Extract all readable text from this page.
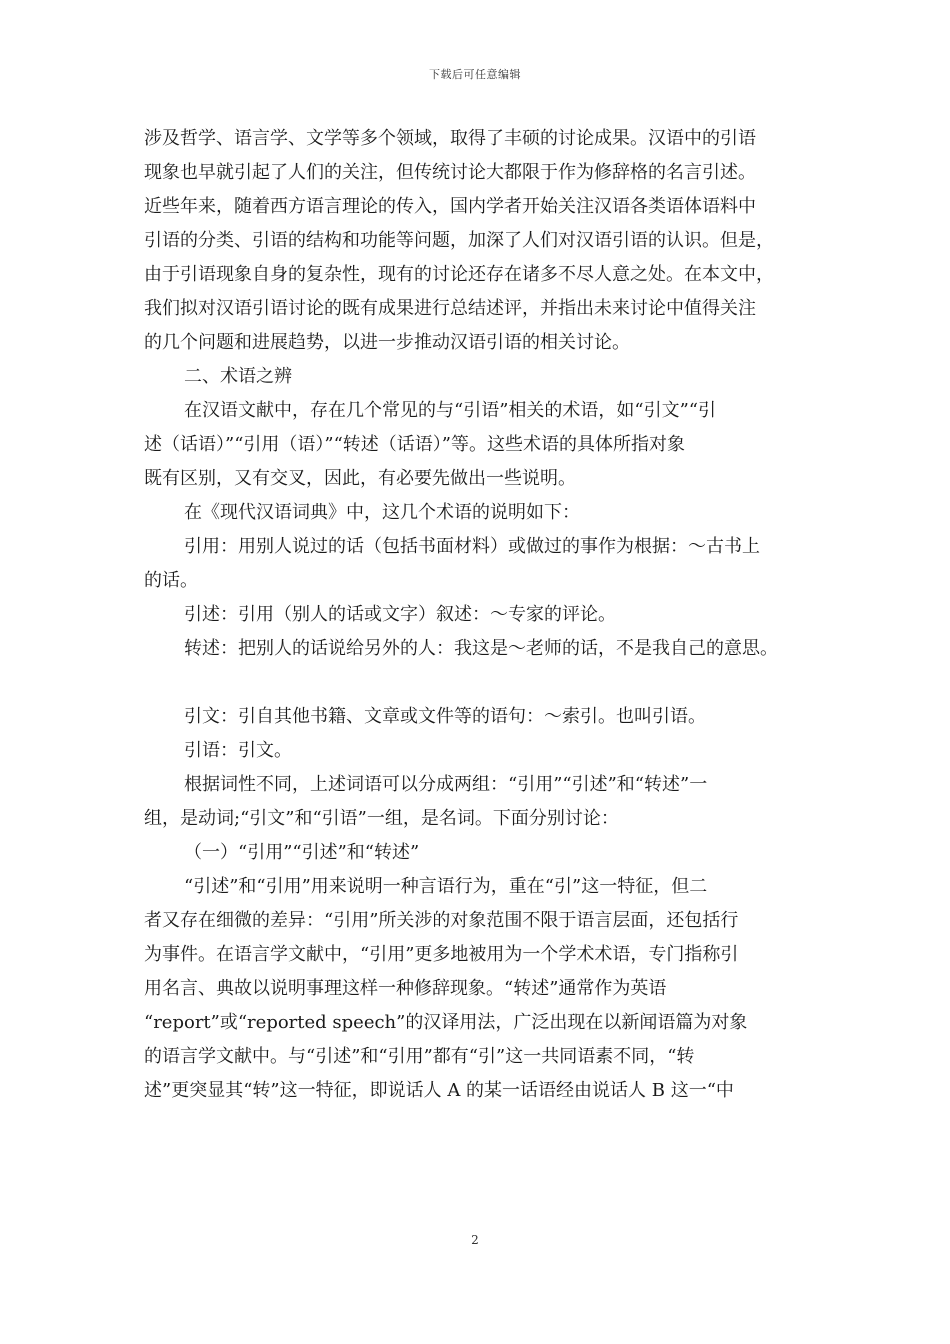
下载后可任意编辑

涉及哲学、语言学、文学等多个领域，取得了丰硕的讨论成果。汉语中的引语

现象也早就引起了人们的关注，但传统讨论大都限于作为修辞格的名言引述。

近些年来，随着西方语言理论的传入，国内学者开始关注汉语各类语体语料中

引语的分类、引语的结构和功能等问题，加深了人们对汉语引语的认识。但是，

由于引语现象自身的复杂性，现有的讨论还存在诸多不尽人意之处。在本文中，

我们拟对汉语引语讨论的既有成果进行总结述评，并指出未来讨论中值得关注

的几个问题和进展趋势，以进一步推动汉语引语的相关讨论。

二、术语之辨

在汉语文献中，存在几个常见的与“引语”相关的术语，如“引文”“引

述（话语）”“引用（语）”“转述（话语）”等。这些术语的具体所指对象

既有区别，又有交叉，因此，有必要先做出一些说明。

在《现代汉语词典》中，这几个术语的说明如下：

引用：用别人说过的话（包括书面材料）或做过的事作为根据：～古书上

的话。

引述：引用（别人的话或文字）叙述：～专家的评论。

转述：把别人的话说给另外的人：我这是～老师的话，不是我自己的意思。

引文：引自其他书籍、文章或文件等的语句：～索引。也叫引语。

引语：引文。

根据词性不同，上述词语可以分成两组：“引用”“引述”和“转述”一

组，是动词;“引文”和“引语”一组，是名词。下面分别讨论：

（一）“引用”“引述”和“转述”

“引述”和“引用”用来说明一种言语行为，重在“引”这一特征，但二

者又存在细微的差异：“引用”所关涉的对象范围不限于语言层面，还包括行

为事件。在语言学文献中，“引用”更多地被用为一个学术术语，专门指称引

用名言、典故以说明事理这样一种修辞现象。“转述”通常作为英语

“report”或“reported speech”的汉译用法，广泛出现在以新闻语篇为对象

的语言学文献中。与“引述”和“引用”都有“引”这一共同语素不同，“转

述”更突显其“转”这一特征，即说话人 A 的某一话语经由说话人 B 这一“中

2
